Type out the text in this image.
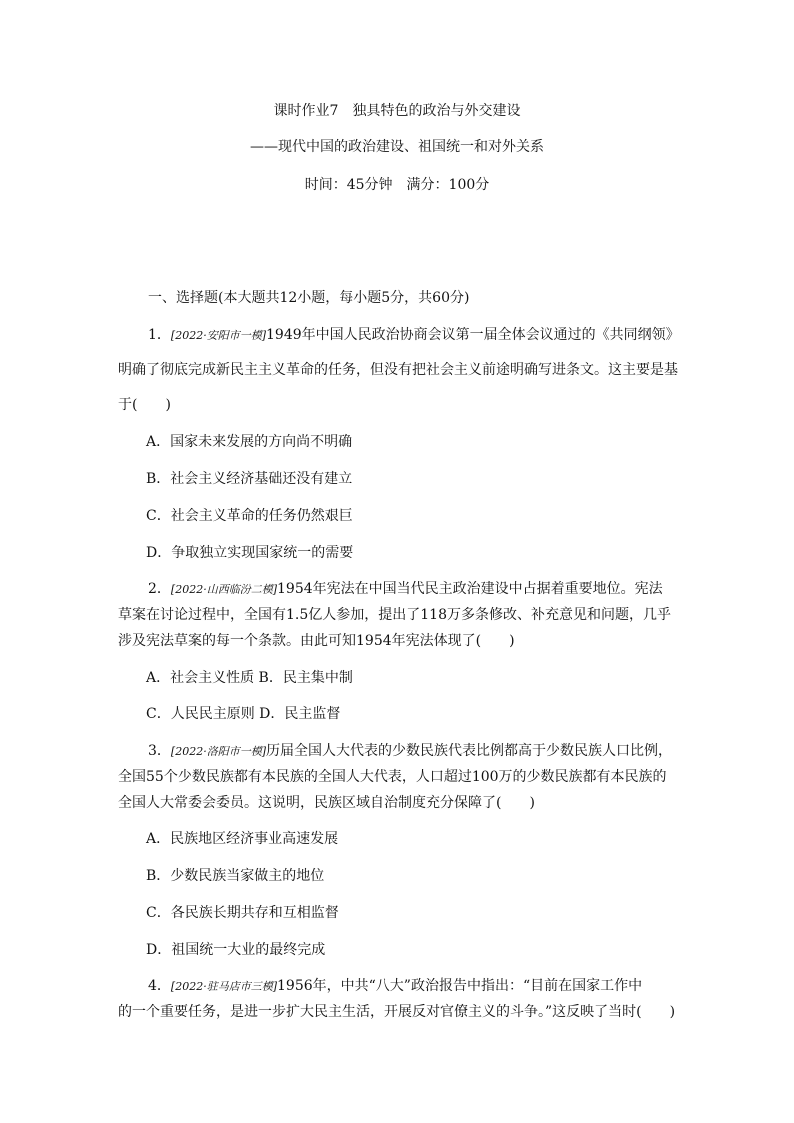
课时作业7　独具特色的政治与外交建设
——现代中国的政治建设、祖国统一和对外关系
时间：45分钟　满分：100分
一、选择题(本大题共12小题，每小题5分，共60分)
1．[2022·安阳市一模]1949年中国人民政治协商会议第一届全体会议通过的《共同纲领》
明确了彻底完成新民主主义革命的任务，但没有把社会主义前途明确写进条文。这主要是基
于(　　)
A．国家未来发展的方向尚不明确
B．社会主义经济基础还没有建立
C．社会主义革命的任务仍然艰巨
D．争取独立实现国家统一的需要
2．[2022·山西临汾二模]1954年宪法在中国当代民主政治建设中占据着重要地位。宪法
草案在讨论过程中，全国有1.5亿人参加，提出了118万多条修改、补充意见和问题，几乎
涉及宪法草案的每一个条款。由此可知1954年宪法体现了(　　)
A．社会主义性质 B．民主集中制
C．人民民主原则 D．民主监督
3．[2022·洛阳市一模]历届全国人大代表的少数民族代表比例都高于少数民族人口比例，
全国55个少数民族都有本民族的全国人大代表，人口超过100万的少数民族都有本民族的
全国人大常委会委员。这说明，民族区域自治制度充分保障了(　　)
A．民族地区经济事业高速发展
B．少数民族当家做主的地位
C．各民族长期共存和互相监督
D．祖国统一大业的最终完成
4．[2022·驻马店市三模]1956年，中共“八大”政治报告中指出：“目前在国家工作中
的一个重要任务，是进一步扩大民主生活，开展反对官僚主义的斗争。”这反映了当时(　　)
